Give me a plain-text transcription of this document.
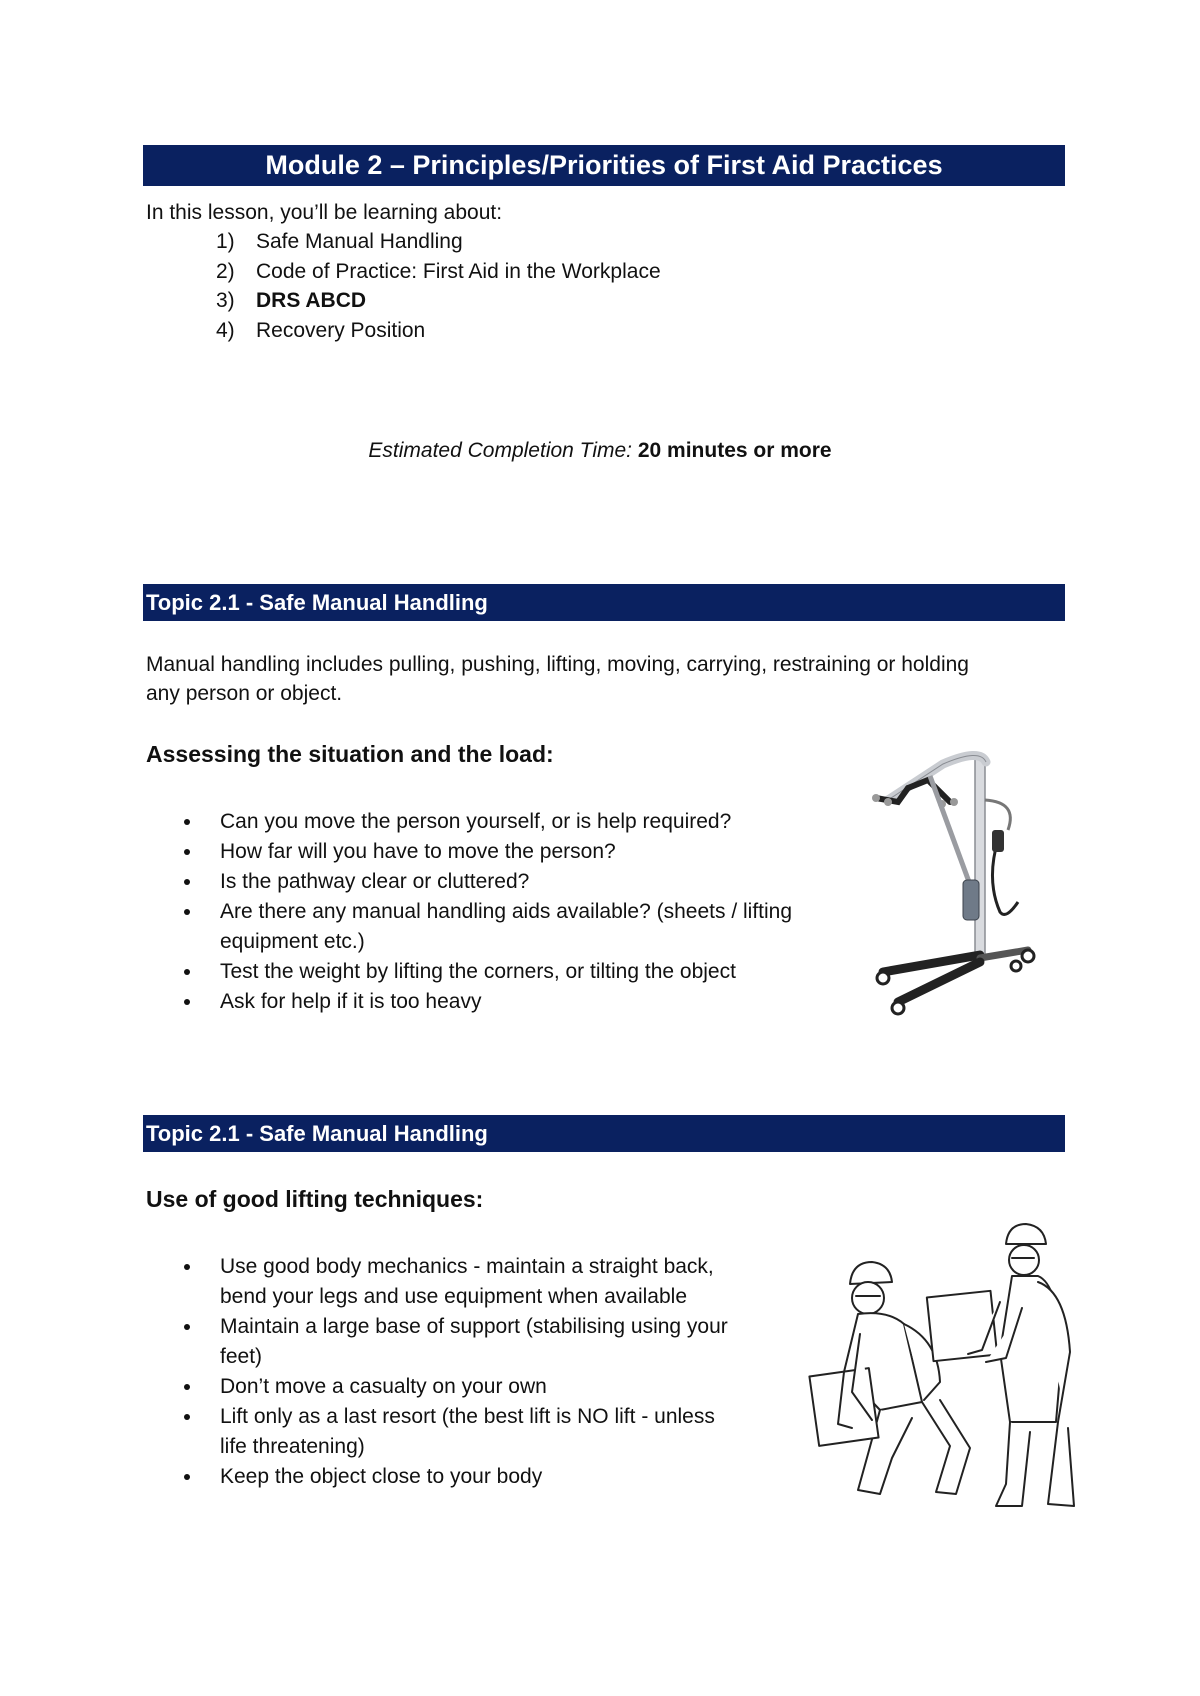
Module 2 – Principles/Priorities of First Aid Practices
In this lesson, you’ll be learning about:
1) Safe Manual Handling
2) Code of Practice: First Aid in the Workplace
3) DRS ABCD
4) Recovery Position
Estimated Completion Time: 20 minutes or more
Topic 2.1 - Safe Manual Handling
Manual handling includes pulling, pushing, lifting, moving, carrying, restraining or holding
any person or object.
Assessing the situation and the load:
Can you move the person yourself, or is help required?
How far will you have to move the person?
Is the pathway clear or cluttered?
Are there any manual handling aids available? (sheets / lifting
equipment etc.)
Test the weight by lifting the corners, or tilting the object
Ask for help if it is too heavy
Topic 2.1 - Safe Manual Handling
Use of good lifting techniques:
Use good body mechanics - maintain a straight back,
bend your legs and use equipment when available
Maintain a large base of support (stabilising using your
feet)
Don’t move a casualty on your own
Lift only as a last resort (the best lift is NO lift - unless
life threatening)
Keep the object close to your body
